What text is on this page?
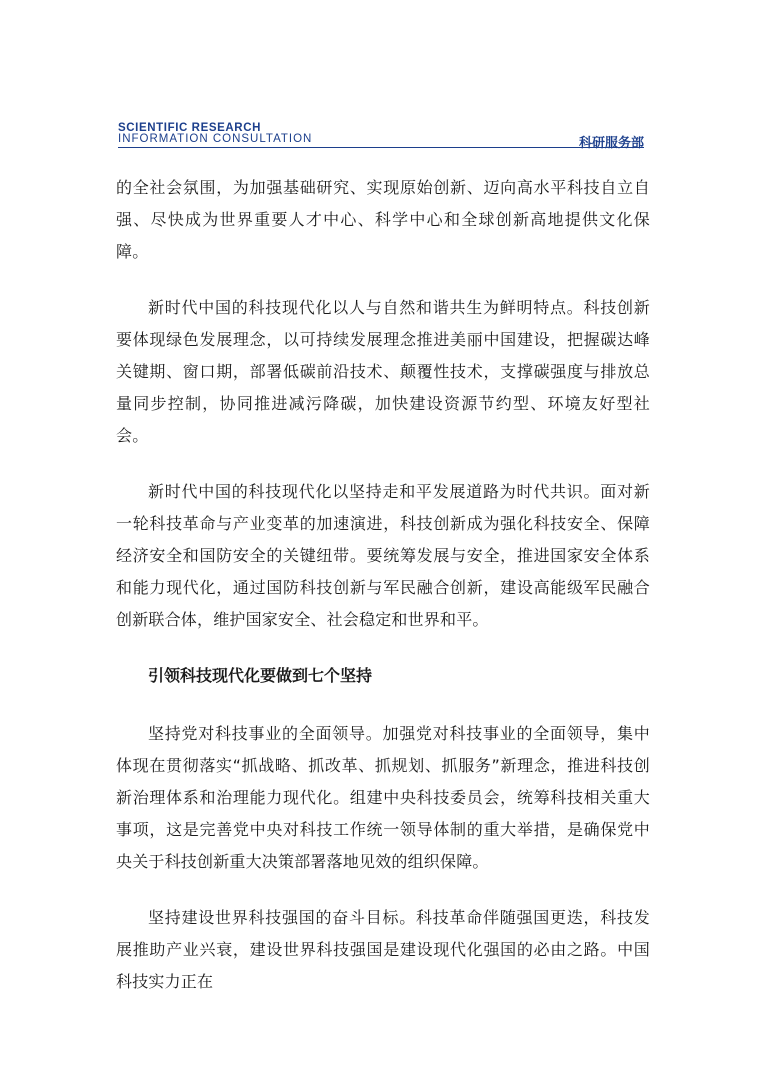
SCIENTIFIC RESEARCH
INFORMATION CONSULTATION	科研服务部

的全社会氛围，为加强基础研究、实现原始创新、迈向高水平科技自立自强、尽快成为世界重要人才中心、科学中心和全球创新高地提供文化保障。

新时代中国的科技现代化以人与自然和谐共生为鲜明特点。科技创新要体现绿色发展理念，以可持续发展理念推进美丽中国建设，把握碳达峰关键期、窗口期，部署低碳前沿技术、颠覆性技术，支撑碳强度与排放总量同步控制，协同推进减污降碳，加快建设资源节约型、环境友好型社会。

新时代中国的科技现代化以坚持走和平发展道路为时代共识。面对新一轮科技革命与产业变革的加速演进，科技创新成为强化科技安全、保障经济安全和国防安全的关键纽带。要统筹发展与安全，推进国家安全体系和能力现代化，通过国防科技创新与军民融合创新，建设高能级军民融合创新联合体，维护国家安全、社会稳定和世界和平。

引领科技现代化要做到七个坚持

坚持党对科技事业的全面领导。加强党对科技事业的全面领导，集中体现在贯彻落实“抓战略、抓改革、抓规划、抓服务”新理念，推进科技创新治理体系和治理能力现代化。组建中央科技委员会，统筹科技相关重大事项，这是完善党中央对科技工作统一领导体制的重大举措，是确保党中央关于科技创新重大决策部署落地见效的组织保障。

坚持建设世界科技强国的奋斗目标。科技革命伴随强国更迭，科技发展推助产业兴衰，建设世界科技强国是建设现代化强国的必由之路。中国科技实力正在
